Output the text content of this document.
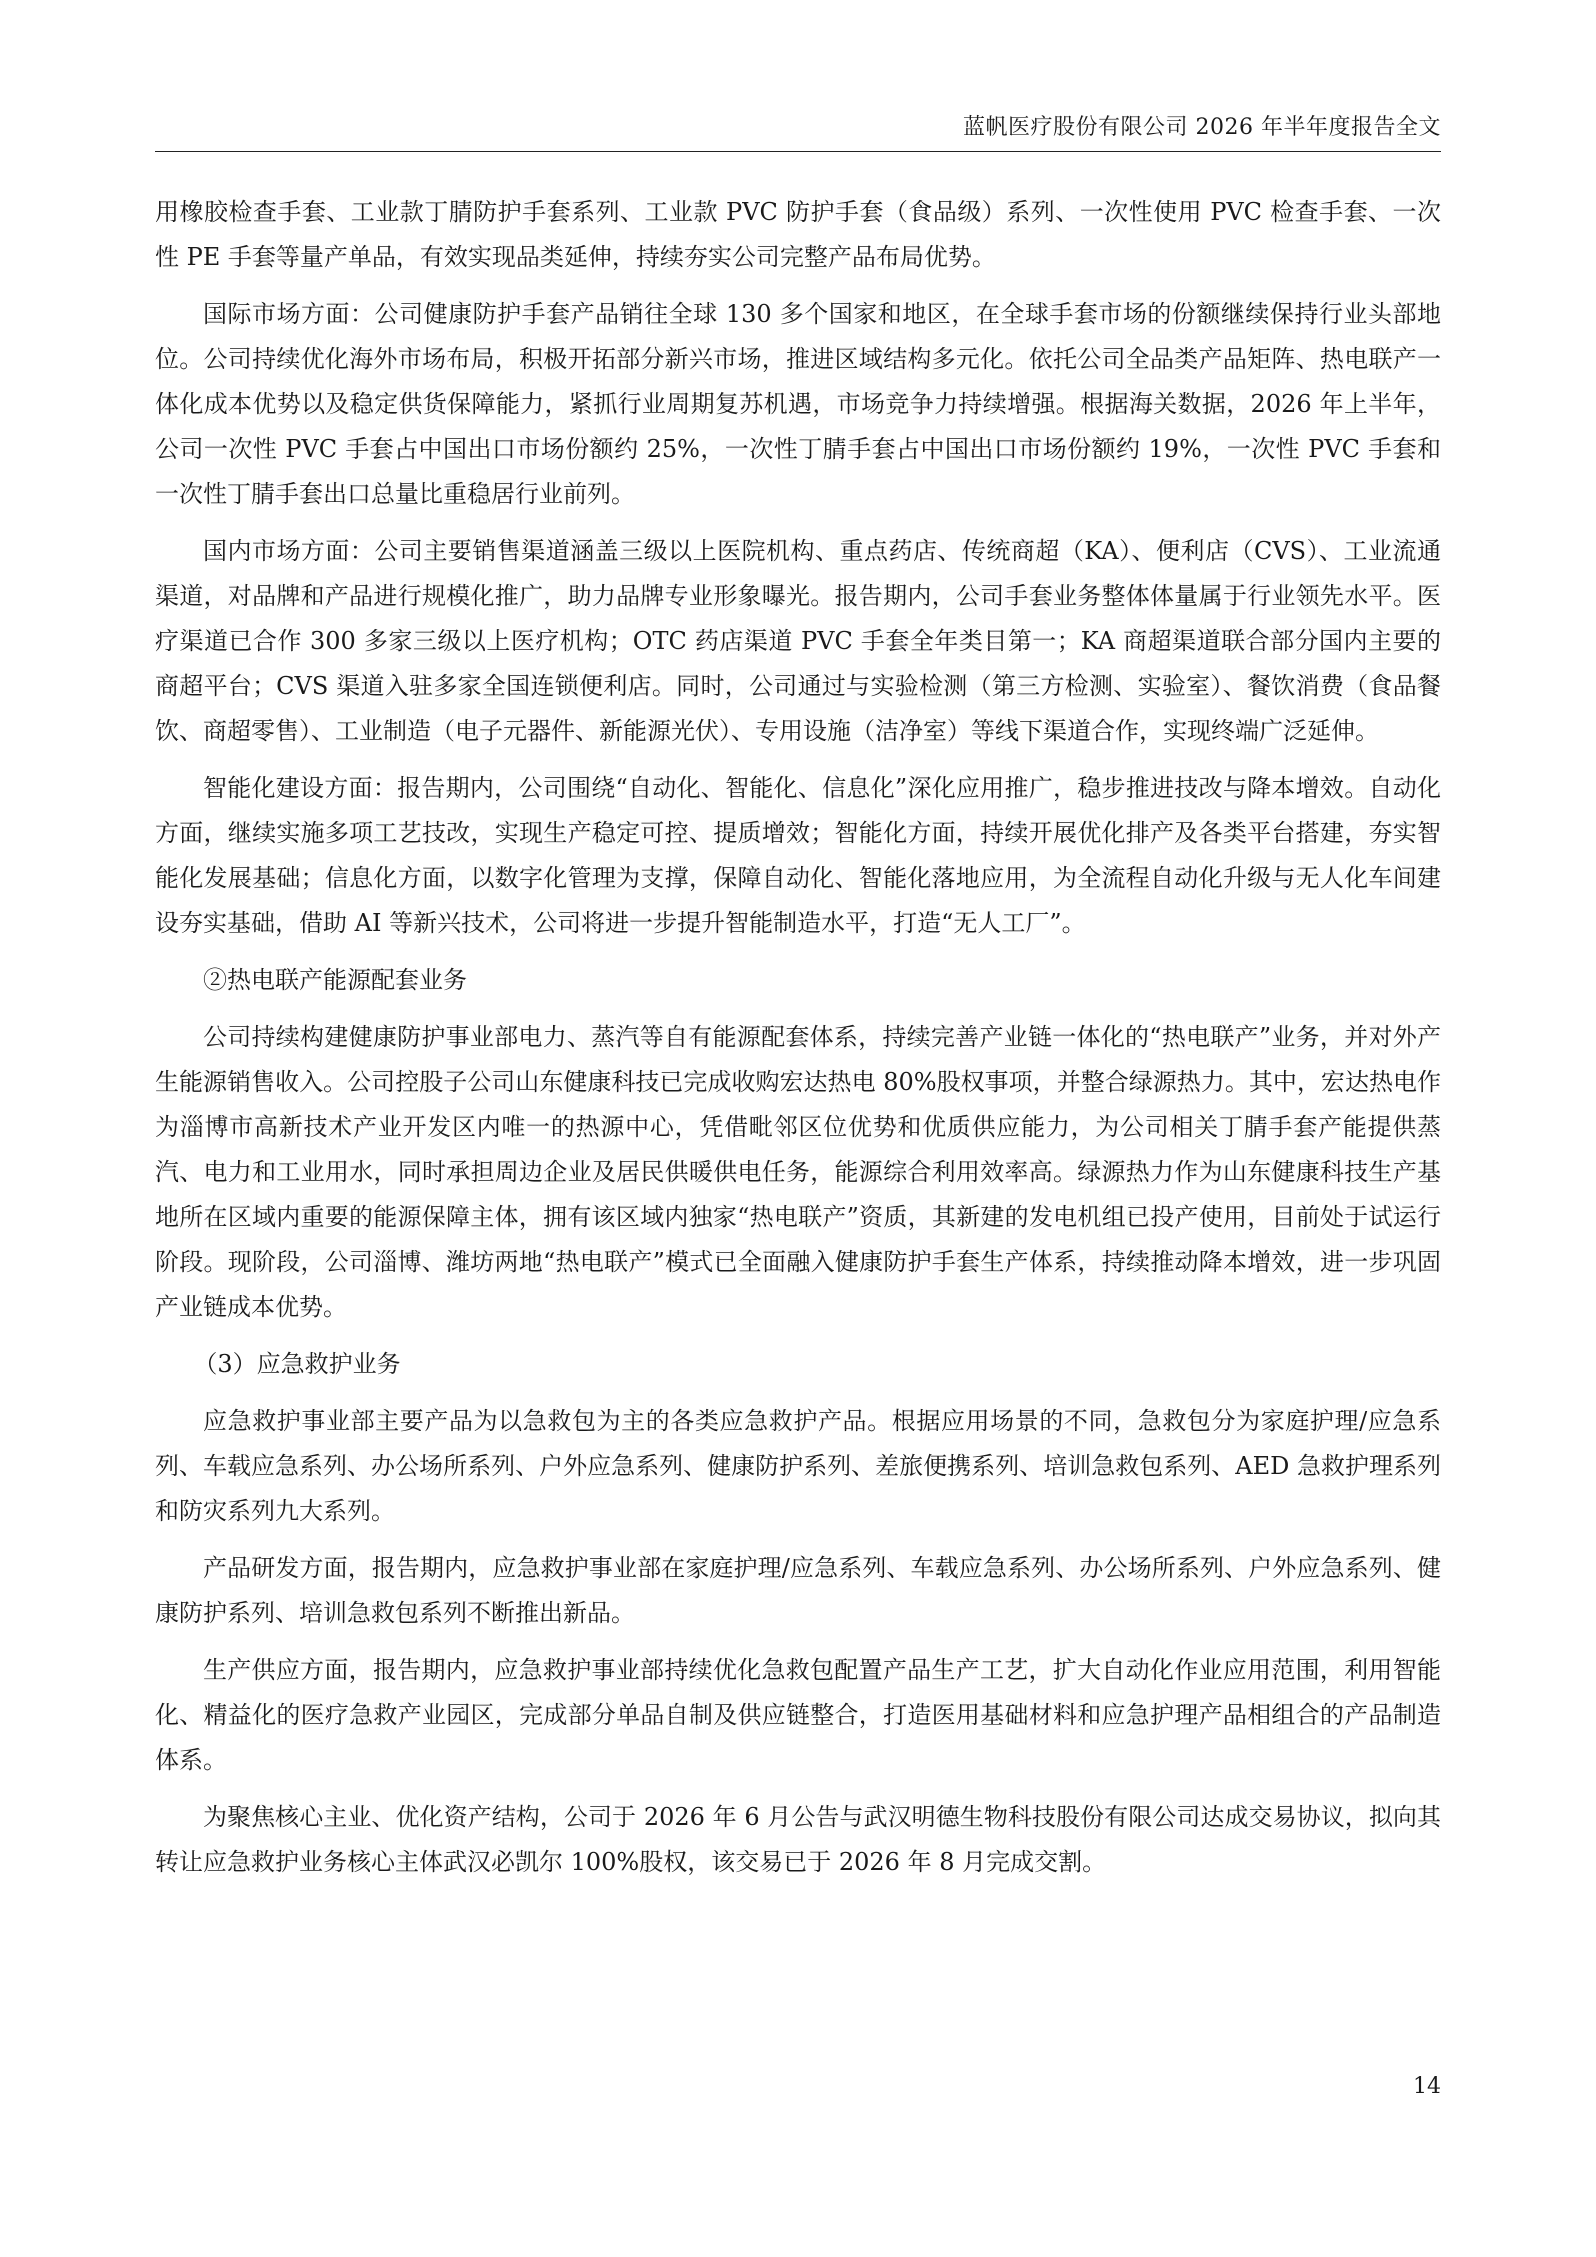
蓝帆医疗股份有限公司 2026 年半年度报告全文

用橡胶检查手套、工业款丁腈防护手套系列、工业款 PVC 防护手套（食品级）系列、一次性使用 PVC 检查手套、一次性 PE 手套等量产单品，有效实现品类延伸，持续夯实公司完整产品布局优势。

国际市场方面：公司健康防护手套产品销往全球 130 多个国家和地区，在全球手套市场的份额继续保持行业头部地位。公司持续优化海外市场布局，积极开拓部分新兴市场，推进区域结构多元化。依托公司全品类产品矩阵、热电联产一体化成本优势以及稳定供货保障能力，紧抓行业周期复苏机遇，市场竞争力持续增强。根据海关数据，2026 年上半年，公司一次性 PVC 手套占中国出口市场份额约 25%，一次性丁腈手套占中国出口市场份额约 19%，一次性 PVC 手套和一次性丁腈手套出口总量比重稳居行业前列。

国内市场方面：公司主要销售渠道涵盖三级以上医院机构、重点药店、传统商超（KA）、便利店（CVS）、工业流通渠道，对品牌和产品进行规模化推广，助力品牌专业形象曝光。报告期内，公司手套业务整体体量属于行业领先水平。医疗渠道已合作 300 多家三级以上医疗机构；OTC 药店渠道 PVC 手套全年类目第一；KA 商超渠道联合部分国内主要的商超平台；CVS 渠道入驻多家全国连锁便利店。同时，公司通过与实验检测（第三方检测、实验室）、餐饮消费（食品餐饮、商超零售）、工业制造（电子元器件、新能源光伏）、专用设施（洁净室）等线下渠道合作，实现终端广泛延伸。

智能化建设方面：报告期内，公司围绕“自动化、智能化、信息化”深化应用推广，稳步推进技改与降本增效。自动化方面，继续实施多项工艺技改，实现生产稳定可控、提质增效；智能化方面，持续开展优化排产及各类平台搭建，夯实智能化发展基础；信息化方面，以数字化管理为支撑，保障自动化、智能化落地应用，为全流程自动化升级与无人化车间建设夯实基础，借助 AI 等新兴技术，公司将进一步提升智能制造水平，打造“无人工厂”。

②热电联产能源配套业务

公司持续构建健康防护事业部电力、蒸汽等自有能源配套体系，持续完善产业链一体化的“热电联产”业务，并对外产生能源销售收入。公司控股子公司山东健康科技已完成收购宏达热电 80%股权事项，并整合绿源热力。其中，宏达热电作为淄博市高新技术产业开发区内唯一的热源中心，凭借毗邻区位优势和优质供应能力，为公司相关丁腈手套产能提供蒸汽、电力和工业用水，同时承担周边企业及居民供暖供电任务，能源综合利用效率高。绿源热力作为山东健康科技生产基地所在区域内重要的能源保障主体，拥有该区域内独家“热电联产”资质，其新建的发电机组已投产使用，目前处于试运行阶段。现阶段，公司淄博、潍坊两地“热电联产”模式已全面融入健康防护手套生产体系，持续推动降本增效，进一步巩固产业链成本优势。

（3）应急救护业务

应急救护事业部主要产品为以急救包为主的各类应急救护产品。根据应用场景的不同，急救包分为家庭护理/应急系列、车载应急系列、办公场所系列、户外应急系列、健康防护系列、差旅便携系列、培训急救包系列、AED 急救护理系列和防灾系列九大系列。

产品研发方面，报告期内，应急救护事业部在家庭护理/应急系列、车载应急系列、办公场所系列、户外应急系列、健康防护系列、培训急救包系列不断推出新品。

生产供应方面，报告期内，应急救护事业部持续优化急救包配置产品生产工艺，扩大自动化作业应用范围，利用智能化、精益化的医疗急救产业园区，完成部分单品自制及供应链整合，打造医用基础材料和应急护理产品相组合的产品制造体系。

为聚焦核心主业、优化资产结构，公司于 2026 年 6 月公告与武汉明德生物科技股份有限公司达成交易协议，拟向其转让应急救护业务核心主体武汉必凯尔 100%股权，该交易已于 2026 年 8 月完成交割。

14
